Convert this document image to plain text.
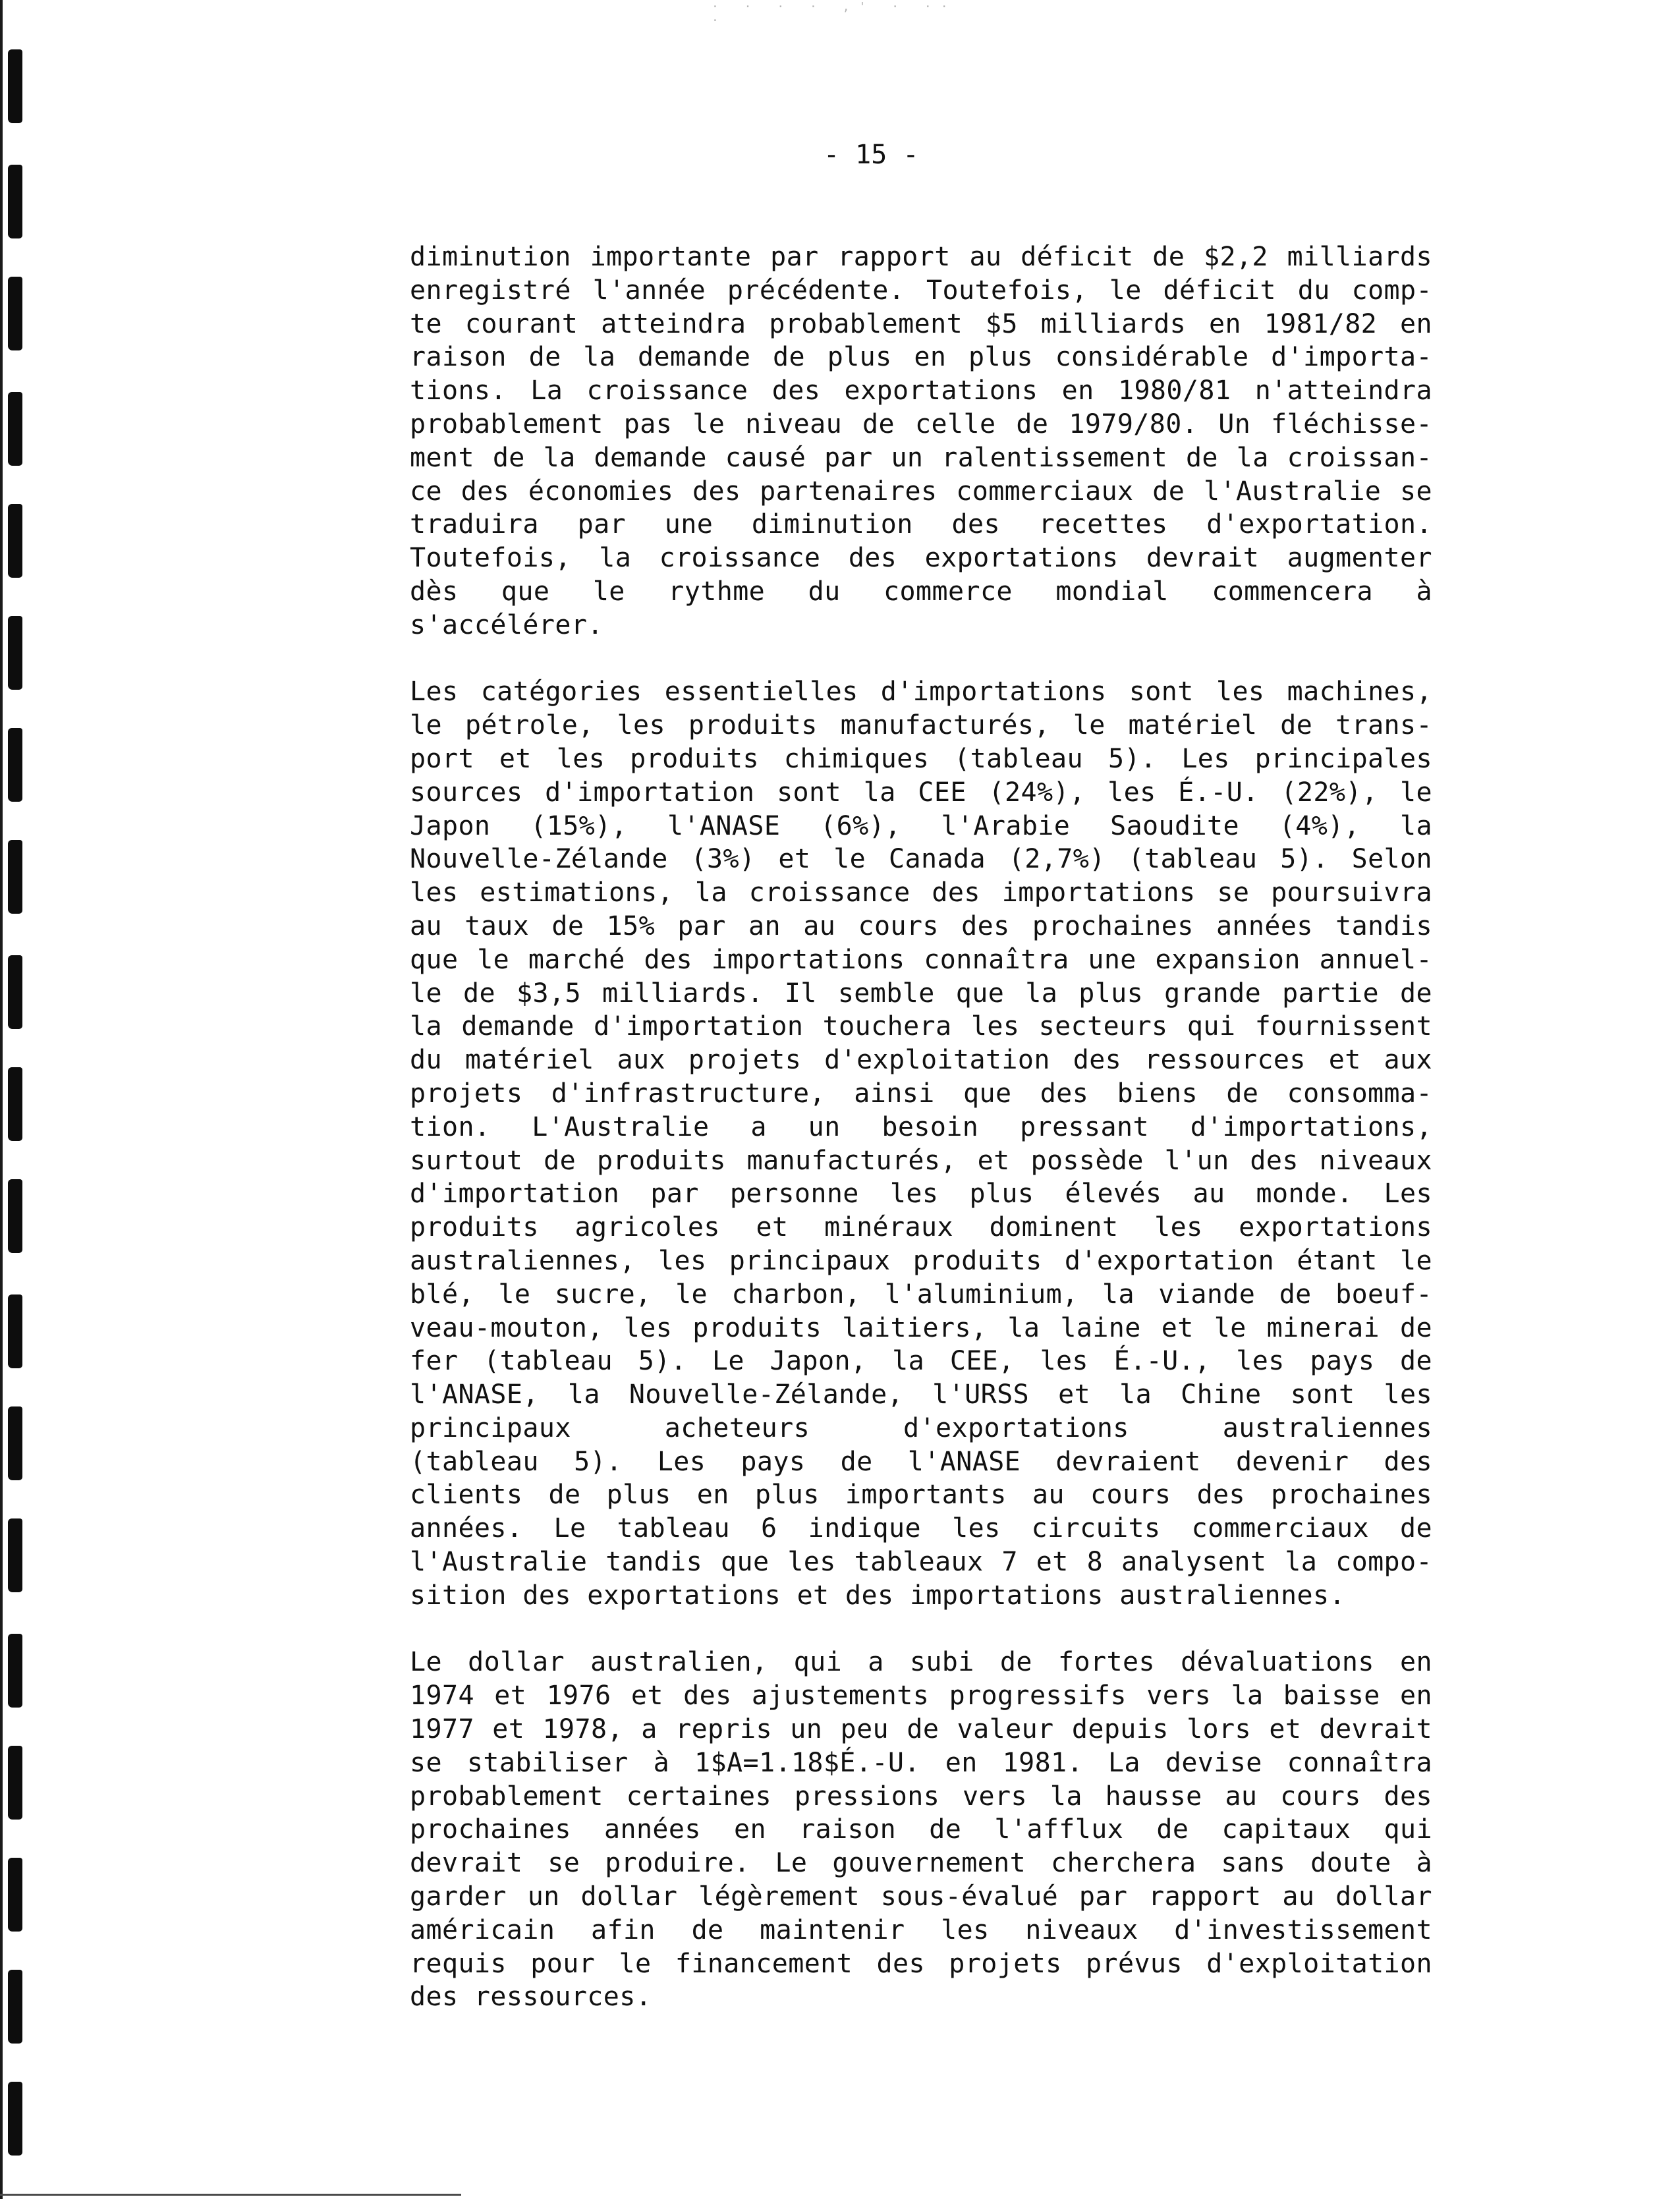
· · · · ,' · ·· ·
- 15 -
diminution importante par rapport au déficit de $2,2 milliards
enregistré l'année précédente. Toutefois, le déficit du comp-
te courant atteindra probablement $5 milliards en 1981/82 en
raison de la demande de plus en plus considérable d'importa-
tions. La croissance des exportations en 1980/81 n'atteindra
probablement pas le niveau de celle de 1979/80. Un fléchisse-
ment de la demande causé par un ralentissement de la croissan-
ce des économies des partenaires commerciaux de l'Australie se
traduira par une diminution des recettes d'exportation.
Toutefois, la croissance des exportations devrait augmenter
dès que le rythme du commerce mondial commencera à
s'accélérer.
Les catégories essentielles d'importations sont les machines,
le pétrole, les produits manufacturés, le matériel de trans-
port et les produits chimiques (tableau 5). Les principales
sources d'importation sont la CEE (24%), les É.-U. (22%), le
Japon (15%), l'ANASE (6%), l'Arabie Saoudite (4%), la
Nouvelle-Zélande (3%) et le Canada (2,7%) (tableau 5). Selon
les estimations, la croissance des importations se poursuivra
au taux de 15% par an au cours des prochaines années tandis
que le marché des importations connaîtra une expansion annuel-
le de $3,5 milliards. Il semble que la plus grande partie de
la demande d'importation touchera les secteurs qui fournissent
du matériel aux projets d'exploitation des ressources et aux
projets d'infrastructure, ainsi que des biens de consomma-
tion. L'Australie a un besoin pressant d'importations,
surtout de produits manufacturés, et possède l'un des niveaux
d'importation par personne les plus élevés au monde. Les
produits agricoles et minéraux dominent les exportations
australiennes, les principaux produits d'exportation étant le
blé, le sucre, le charbon, l'aluminium, la viande de boeuf-
veau-mouton, les produits laitiers, la laine et le minerai de
fer (tableau 5). Le Japon, la CEE, les É.-U., les pays de
l'ANASE, la Nouvelle-Zélande, l'URSS et la Chine sont les
principaux acheteurs d'exportations australiennes
(tableau 5). Les pays de l'ANASE devraient devenir des
clients de plus en plus importants au cours des prochaines
années. Le tableau 6 indique les circuits commerciaux de
l'Australie tandis que les tableaux 7 et 8 analysent la compo-
sition des exportations et des importations australiennes.
Le dollar australien, qui a subi de fortes dévaluations en
1974 et 1976 et des ajustements progressifs vers la baisse en
1977 et 1978, a repris un peu de valeur depuis lors et devrait
se stabiliser à 1$A=1.18$É.-U. en 1981. La devise connaîtra
probablement certaines pressions vers la hausse au cours des
prochaines années en raison de l'afflux de capitaux qui
devrait se produire. Le gouvernement cherchera sans doute à
garder un dollar légèrement sous-évalué par rapport au dollar
américain afin de maintenir les niveaux d'investissement
requis pour le financement des projets prévus d'exploitation
des ressources.
